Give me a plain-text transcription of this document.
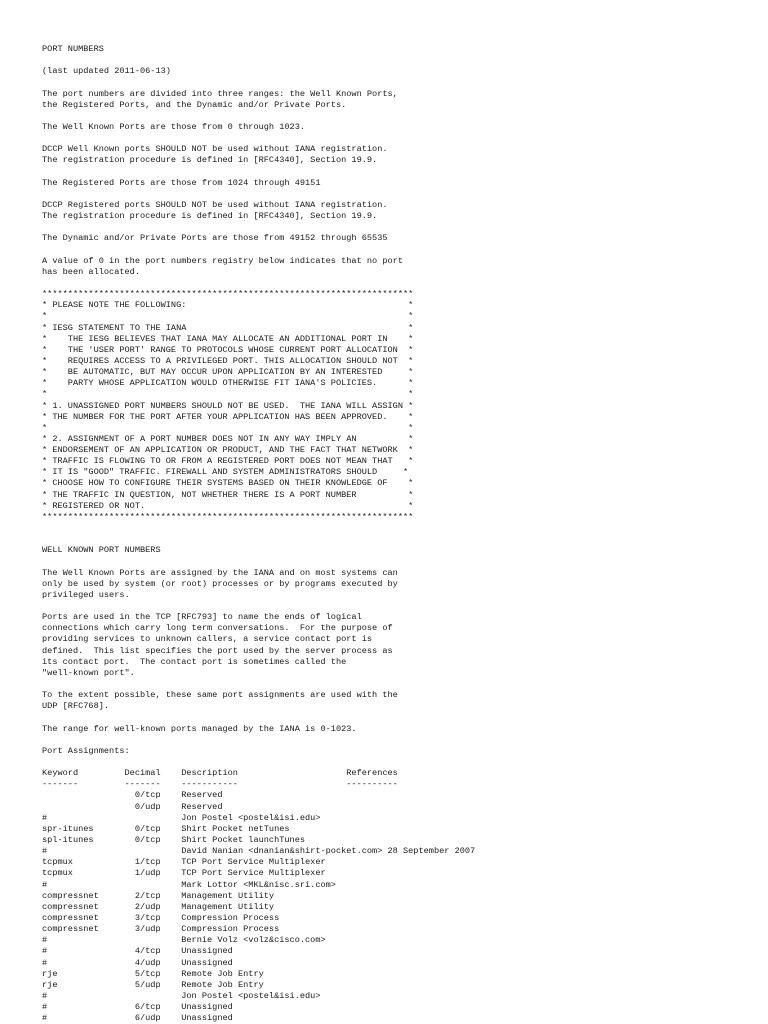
PORT NUMBERS
(last updated 2011-06-13)
The port numbers are divided into three ranges: the Well Known Ports,
the Registered Ports, and the Dynamic and/or Private Ports.
The Well Known Ports are those from 0 through 1023.
DCCP Well Known ports SHOULD NOT be used without IANA registration.
The registration procedure is defined in [RFC4340], Section 19.9.
The Registered Ports are those from 1024 through 49151
DCCP Registered ports SHOULD NOT be used without IANA registration.
The registration procedure is defined in [RFC4340], Section 19.9.
The Dynamic and/or Private Ports are those from 49152 through 65535
A value of 0 in the port numbers registry below indicates that no port
has been allocated.
************************************************************************
* PLEASE NOTE THE FOLLOWING:                                           *
*                                                                      *
* IESG STATEMENT TO THE IANA                                           *
*    THE IESG BELIEVES THAT IANA MAY ALLOCATE AN ADDITIONAL PORT IN    *
*    THE 'USER PORT' RANGE TO PROTOCOLS WHOSE CURRENT PORT ALLOCATION  *
*    REQUIRES ACCESS TO A PRIVILEGED PORT. THIS ALLOCATION SHOULD NOT  *
*    BE AUTOMATIC, BUT MAY OCCUR UPON APPLICATION BY AN INTERESTED     *
*    PARTY WHOSE APPLICATION WOULD OTHERWISE FIT IANA'S POLICIES.      *
*                                                                      *
* 1. UNASSIGNED PORT NUMBERS SHOULD NOT BE USED.  THE IANA WILL ASSIGN *
* THE NUMBER FOR THE PORT AFTER YOUR APPLICATION HAS BEEN APPROVED.    *
*                                                                      *
* 2. ASSIGNMENT OF A PORT NUMBER DOES NOT IN ANY WAY IMPLY AN          *
* ENDORSEMENT OF AN APPLICATION OR PRODUCT, AND THE FACT THAT NETWORK  *
* TRAFFIC IS FLOWING TO OR FROM A REGISTERED PORT DOES NOT MEAN THAT   *
* IT IS "GOOD" TRAFFIC. FIREWALL AND SYSTEM ADMINISTRATORS SHOULD     *
* CHOOSE HOW TO CONFIGURE THEIR SYSTEMS BASED ON THEIR KNOWLEDGE OF    *
* THE TRAFFIC IN QUESTION, NOT WHETHER THERE IS A PORT NUMBER          *
* REGISTERED OR NOT.                                                   *
************************************************************************
WELL KNOWN PORT NUMBERS
The Well Known Ports are assigned by the IANA and on most systems can
only be used by system (or root) processes or by programs executed by
privileged users.
Ports are used in the TCP [RFC793] to name the ends of logical
connections which carry long term conversations.  For the purpose of
providing services to unknown callers, a service contact port is
defined.  This list specifies the port used by the server process as
its contact port.  The contact port is sometimes called the
"well-known port".
To the extent possible, these same port assignments are used with the
UDP [RFC768].
The range for well-known ports managed by the IANA is 0-1023.
Port Assignments:
Keyword         Decimal    Description                     References
-------         -------    -----------                     ----------
0/tcp    Reserved
0/udp    Reserved
#                          Jon Postel <postel&isi.edu>
spr-itunes        0/tcp    Shirt Pocket netTunes
spl-itunes        0/tcp    Shirt Pocket launchTunes
#                          David Nanian <dnanian&shirt-pocket.com> 28 September 2007
tcpmux            1/tcp    TCP Port Service Multiplexer
tcpmux            1/udp    TCP Port Service Multiplexer
#                          Mark Lottor <MKL&nisc.sri.com>
compressnet       2/tcp    Management Utility
compressnet       2/udp    Management Utility
compressnet       3/tcp    Compression Process
compressnet       3/udp    Compression Process
#                          Bernie Volz <volz&cisco.com>
#                 4/tcp    Unassigned
#                 4/udp    Unassigned
rje               5/tcp    Remote Job Entry
rje               5/udp    Remote Job Entry
#                          Jon Postel <postel&isi.edu>
#                 6/tcp    Unassigned
#                 6/udp    Unassigned
